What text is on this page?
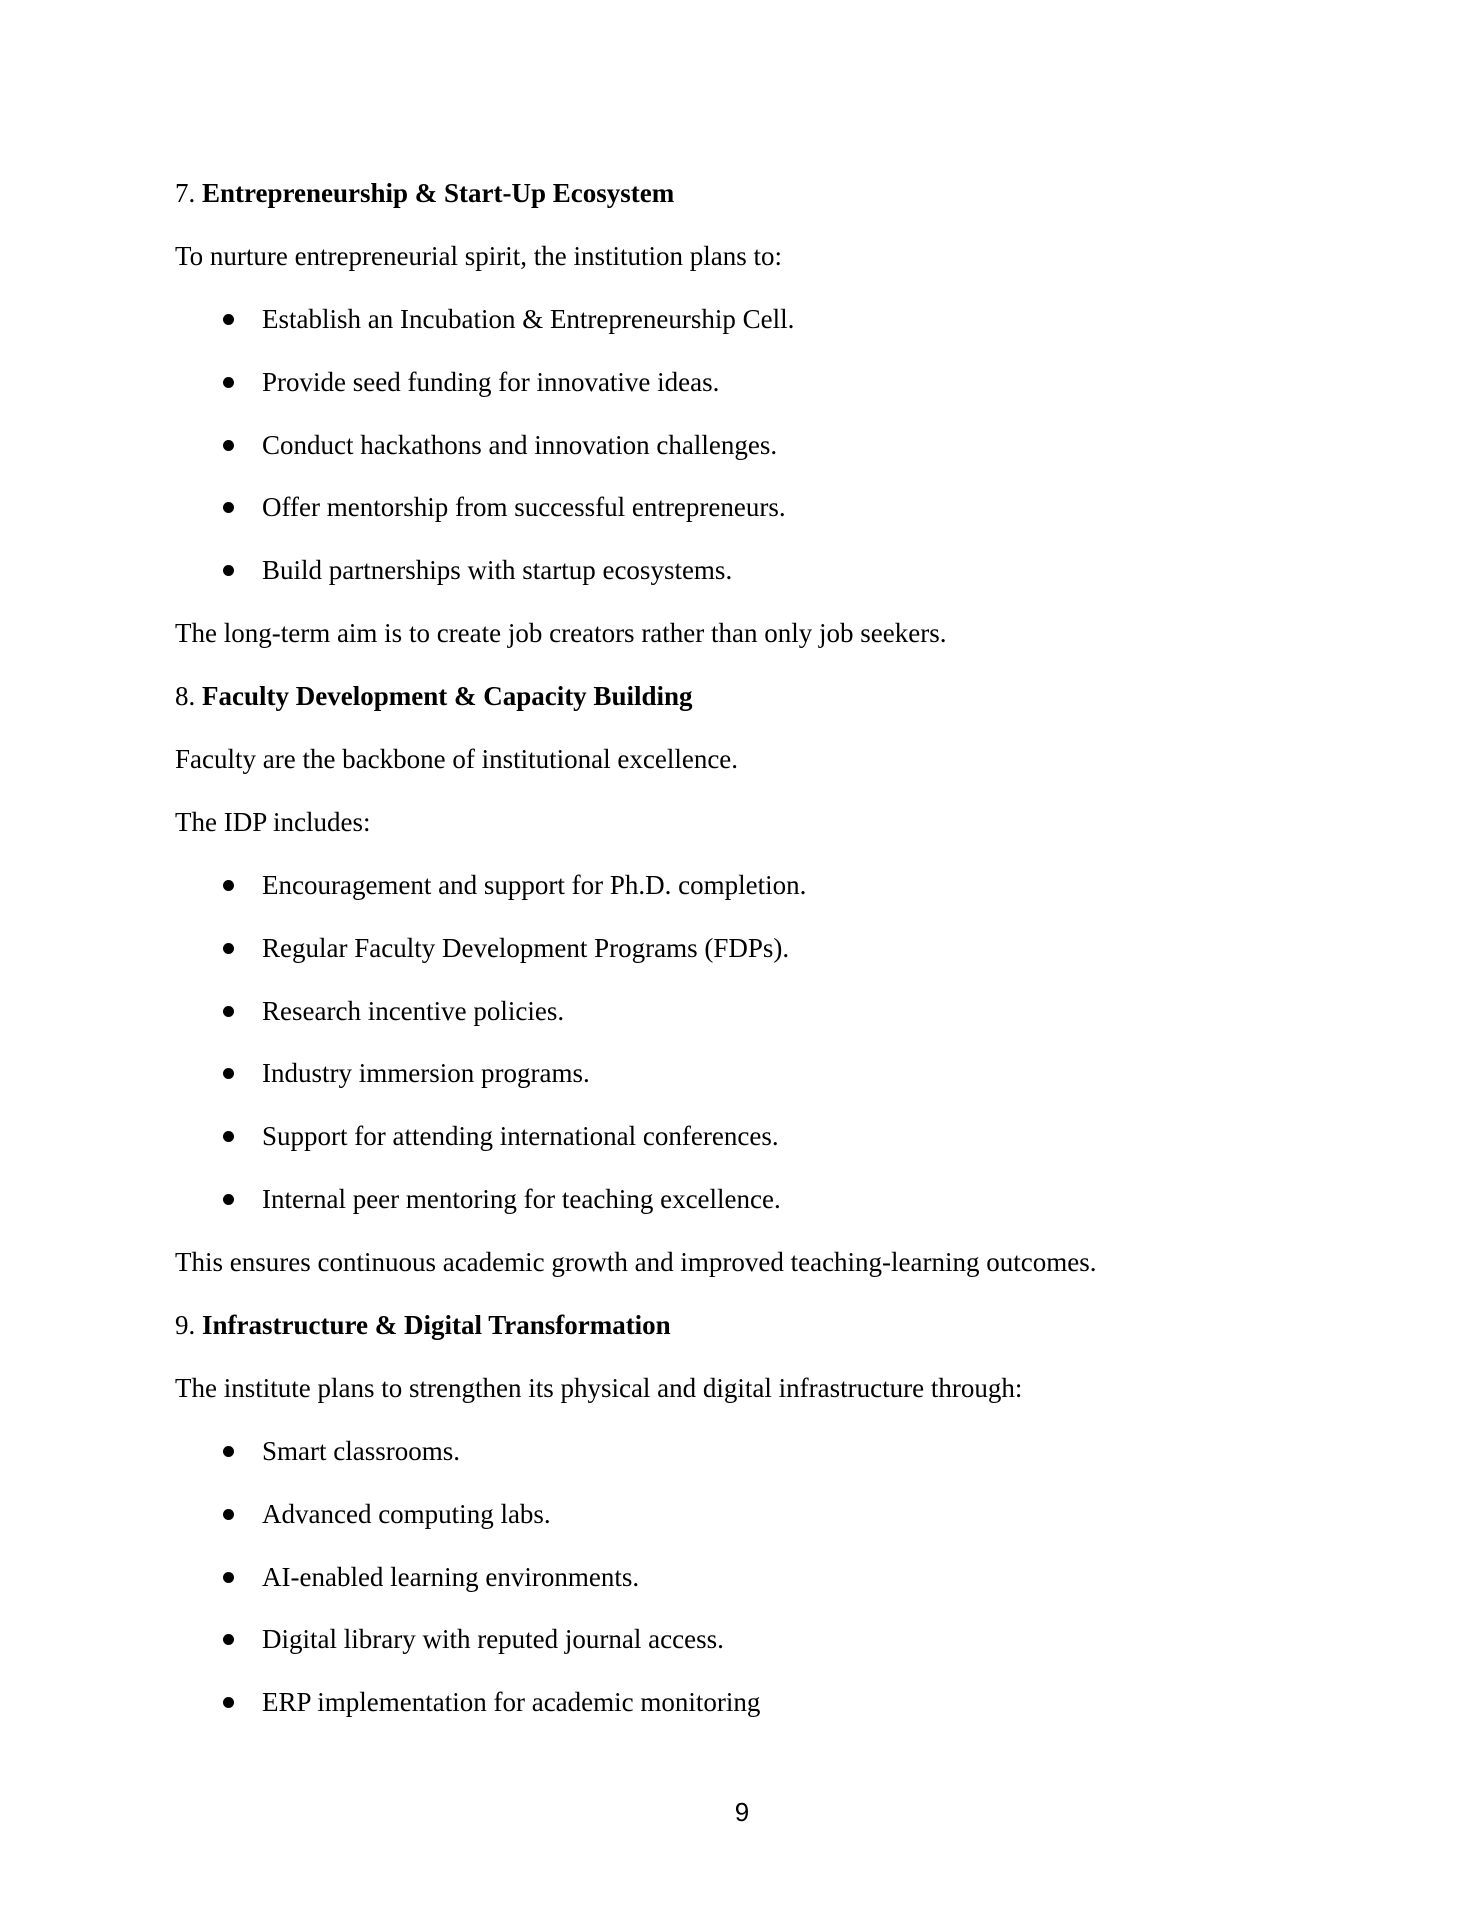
7. Entrepreneurship & Start-Up Ecosystem
To nurture entrepreneurial spirit, the institution plans to:
Establish an Incubation & Entrepreneurship Cell.
Provide seed funding for innovative ideas.
Conduct hackathons and innovation challenges.
Offer mentorship from successful entrepreneurs.
Build partnerships with startup ecosystems.
The long-term aim is to create job creators rather than only job seekers.
8. Faculty Development & Capacity Building
Faculty are the backbone of institutional excellence.
The IDP includes:
Encouragement and support for Ph.D. completion.
Regular Faculty Development Programs (FDPs).
Research incentive policies.
Industry immersion programs.
Support for attending international conferences.
Internal peer mentoring for teaching excellence.
This ensures continuous academic growth and improved teaching-learning outcomes.
9. Infrastructure & Digital Transformation
The institute plans to strengthen its physical and digital infrastructure through:
Smart classrooms.
Advanced computing labs.
AI-enabled learning environments.
Digital library with reputed journal access.
ERP implementation for academic monitoring
9
